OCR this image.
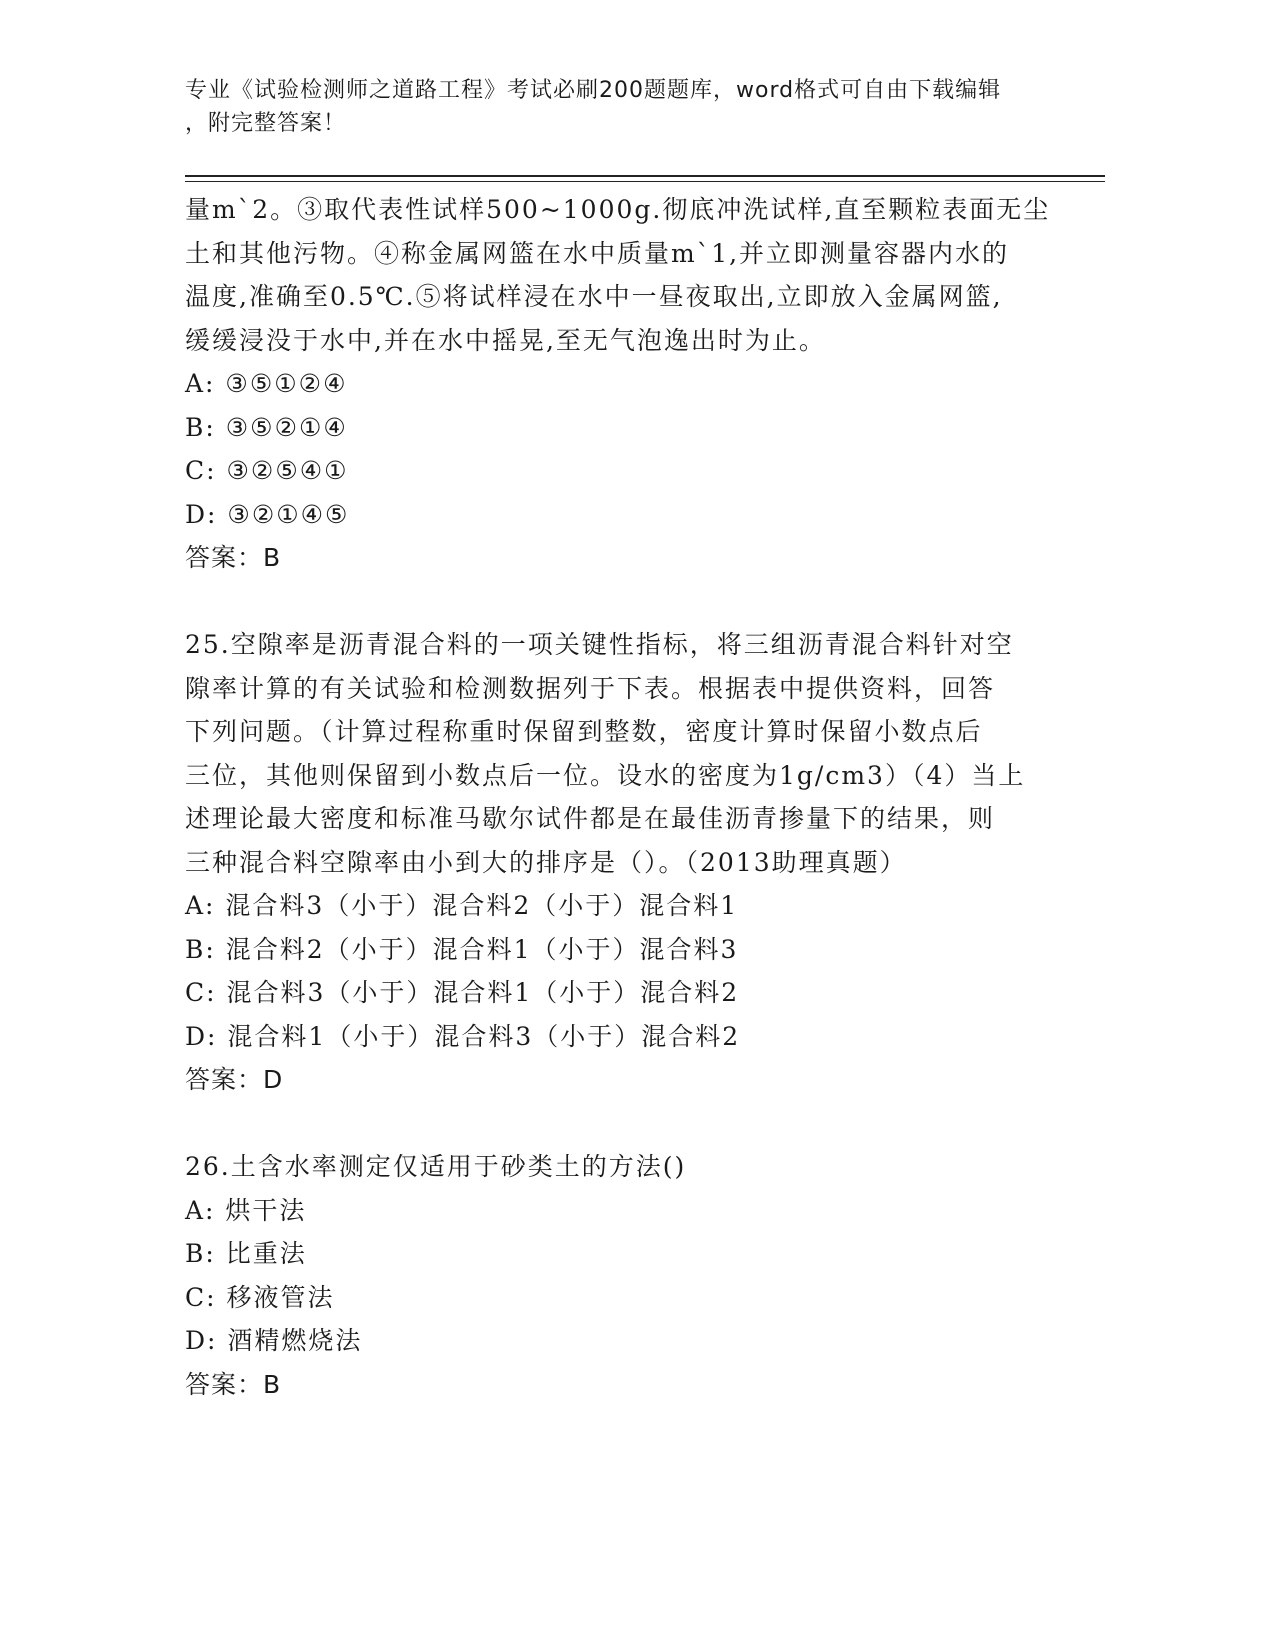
专业《试验检测师之道路工程》考试必刷200题题库，word格式可自由下载编辑
，附完整答案！
量m`2。③取代表性试样500~1000g.彻底冲洗试样,直至颗粒表面无尘
土和其他污物。④称金属网篮在水中质量m`1,并立即测量容器内水的
温度,准确至0.5℃.⑤将试样浸在水中一昼夜取出,立即放入金属网篮,
缓缓浸没于水中,并在水中摇晃,至无气泡逸出时为止。
A: ③⑤①②④
B: ③⑤②①④
C: ③②⑤④①
D: ③②①④⑤
答案：B
25.空隙率是沥青混合料的一项关键性指标，将三组沥青混合料针对空
隙率计算的有关试验和检测数据列于下表。根据表中提供资料，回答
下列问题。（计算过程称重时保留到整数，密度计算时保留小数点后
三位，其他则保留到小数点后一位。设水的密度为1g/cm3）（4）当上
述理论最大密度和标准马歇尔试件都是在最佳沥青掺量下的结果，则
三种混合料空隙率由小到大的排序是（）。（2013助理真题）
A: 混合料3（小于）混合料2（小于）混合料1
B: 混合料2（小于）混合料1（小于）混合料3
C: 混合料3（小于）混合料1（小于）混合料2
D: 混合料1（小于）混合料3（小于）混合料2
答案：D
26.土含水率测定仅适用于砂类土的方法()
A: 烘干法
B: 比重法
C: 移液管法
D: 酒精燃烧法
答案：B
